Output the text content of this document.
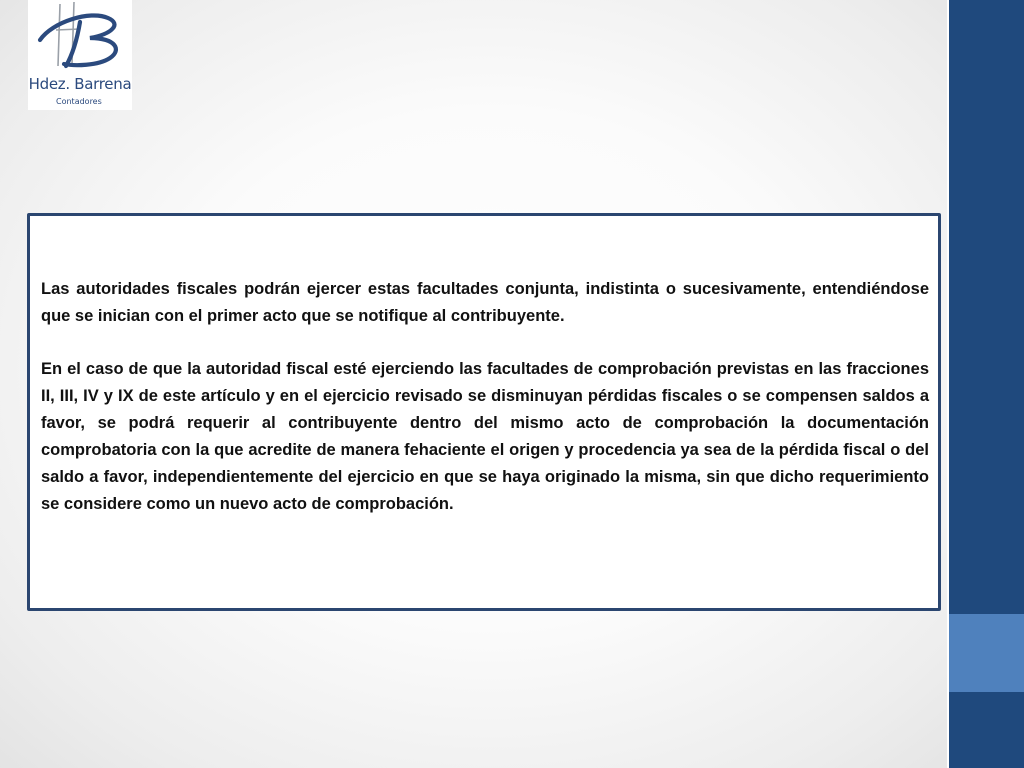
Hdez. Barrena
Contadores

Las autoridades fiscales podrán ejercer estas facultades conjunta, indistinta o sucesivamente, entendiéndose que se inician con el primer acto que se notifique al contribuyente.

En el caso de que la autoridad fiscal esté ejerciendo las facultades de comprobación previstas en las fracciones II, III, IV y IX de este artículo y en el ejercicio revisado se disminuyan pérdidas fiscales o se compensen saldos a favor, se podrá requerir al contribuyente dentro del mismo acto de comprobación la documentación comprobatoria con la que acredite de manera fehaciente el origen y procedencia ya sea de la pérdida fiscal o del saldo a favor, independientemente del ejercicio en que se haya originado la misma, sin que dicho requerimiento se considere como un nuevo acto de comprobación.
